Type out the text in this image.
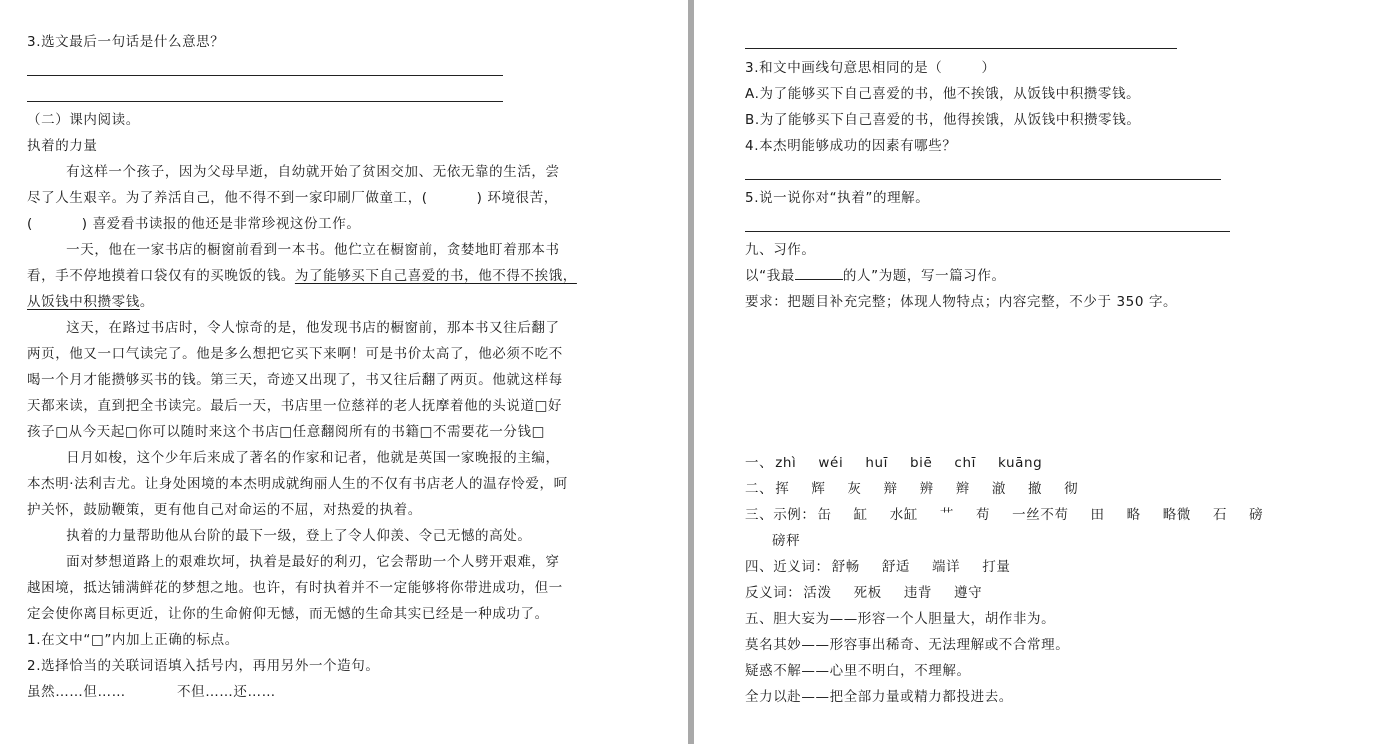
3.选文最后一句话是什么意思？
（二）课内阅读。
执着的力量
有这样一个孩子，因为父母早逝，自幼就开始了贫困交加、无依无靠的生活，尝
尽了人生艰辛。为了养活自己，他不得不到一家印刷厂做童工，(          ) 环境很苦，
(          ) 喜爱看书读报的他还是非常珍视这份工作。
一天，他在一家书店的橱窗前看到一本书。他伫立在橱窗前，贪婪地盯着那本书
看，手不停地摸着口袋仅有的买晚饭的钱。为了能够买下自己喜爱的书，他不得不挨饿，
从饭钱中积攒零钱。
这天，在路过书店时，令人惊奇的是，他发现书店的橱窗前，那本书又往后翻了
两页，他又一口气读完了。他是多么想把它买下来啊！可是书价太高了，他必须不吃不
喝一个月才能攒够买书的钱。第三天，奇迹又出现了，书又往后翻了两页。他就这样每
天都来读，直到把全书读完。最后一天，书店里一位慈祥的老人抚摩着他的头说道□好
孩子□从今天起□你可以随时来这个书店□任意翻阅所有的书籍□不需要花一分钱□
日月如梭，这个少年后来成了著名的作家和记者，他就是英国一家晚报的主编，
本杰明·法利吉尤。让身处困境的本杰明成就绚丽人生的不仅有书店老人的温存怜爱，呵
护关怀，鼓励鞭策，更有他自己对命运的不屈，对热爱的执着。
执着的力量帮助他从台阶的最下一级，登上了令人仰羡、令己无憾的高处。
面对梦想道路上的艰难坎坷，执着是最好的利刃，它会帮助一个人劈开艰难，穿
越困境，抵达铺满鲜花的梦想之地。也许，有时执着并不一定能够将你带进成功，但一
定会使你离目标更近，让你的生命俯仰无憾，而无憾的生命其实已经是一种成功了。
1.在文中“□”内加上正确的标点。
2.选择恰当的关联词语填入括号内，再用另外一个造句。
虽然……但……	不但……还……
3.和文中画线句意思相同的是（        ）
A.为了能够买下自己喜爱的书，他不挨饿，从饭钱中积攒零钱。
B.为了能够买下自己喜爱的书，他得挨饿，从饭钱中积攒零钱。
4.本杰明能够成功的因素有哪些？
5.说一说你对“执着”的理解。
九、习作。
以“我最	的人”为题，写一篇习作。
要求：把题目补充完整；体现人物特点；内容完整，不少于 350 字。
一、 zhì wéi huī biē chī kuāng
二、 挥 辉 灰 辩 辨 辫 澈 撤 彻
三、示例： 缶 缸 水缸 艹 苟 一丝不苟 田 略 略微 石 磅
磅秤
四、近义词： 舒畅 舒适 端详 打量
反义词： 活泼 死板 违背 遵守
五、胆大妄为——形容一个人胆量大，胡作非为。
莫名其妙——形容事出稀奇、无法理解或不合常理。
疑惑不解——心里不明白，不理解。
全力以赴——把全部力量或精力都投进去。
